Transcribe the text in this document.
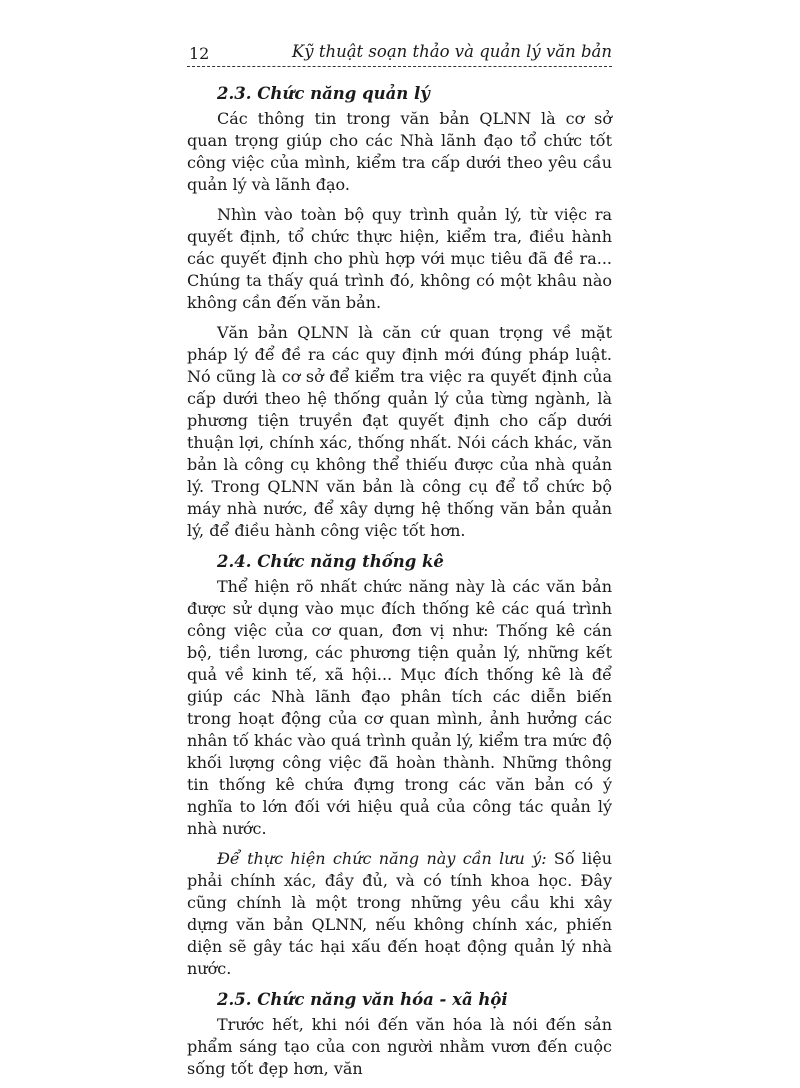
12	Kỹ thuật soạn thảo và quản lý văn bản
2.3. Chức năng quản lý

Các thông tin trong văn bản QLNN là cơ sở quan trọng giúp cho các Nhà lãnh đạo tổ chức tốt công việc của mình, kiểm tra cấp dưới theo yêu cầu quản lý và lãnh đạo.

Nhìn vào toàn bộ quy trình quản lý, từ việc ra quyết định, tổ chức thực hiện, kiểm tra, điều hành các quyết định cho phù hợp với mục tiêu đã đề ra... Chúng ta thấy quá trình đó, không có một khâu nào không cần đến văn bản.

Văn bản QLNN là căn cứ quan trọng về mặt pháp lý để đề ra các quy định mới đúng pháp luật. Nó cũng là cơ sở để kiểm tra việc ra quyết định của cấp dưới theo hệ thống quản lý của từng ngành, là phương tiện truyền đạt quyết định cho cấp dưới thuận lợi, chính xác, thống nhất. Nói cách khác, văn bản là công cụ không thể thiếu được của nhà quản lý. Trong QLNN văn bản là công cụ để tổ chức bộ máy nhà nước, để xây dựng hệ thống văn bản quản lý, để điều hành công việc tốt hơn.

2.4. Chức năng thống kê

Thể hiện rõ nhất chức năng này là các văn bản được sử dụng vào mục đích thống kê các quá trình công việc của cơ quan, đơn vị như: Thống kê cán bộ, tiền lương, các phương tiện quản lý, những kết quả về kinh tế, xã hội... Mục đích thống kê là để giúp các Nhà lãnh đạo phân tích các diễn biến trong hoạt động của cơ quan mình, ảnh hưởng các nhân tố khác vào quá trình quản lý, kiểm tra mức độ khối lượng công việc đã hoàn thành. Những thông tin thống kê chứa đựng trong các văn bản có ý nghĩa to lớn đối với hiệu quả của công tác quản lý nhà nước.

Để thực hiện chức năng này cần lưu ý: Số liệu phải chính xác, đầy đủ, và có tính khoa học. Đây cũng chính là một trong những yêu cầu khi xây dựng văn bản QLNN, nếu không chính xác, phiến diện sẽ gây tác hại xấu đến hoạt động quản lý nhà nước.

2.5. Chức năng văn hóa - xã hội

Trước hết, khi nói đến văn hóa là nói đến sản phẩm sáng tạo của con người nhằm vươn đến cuộc sống tốt đẹp hơn, văn
